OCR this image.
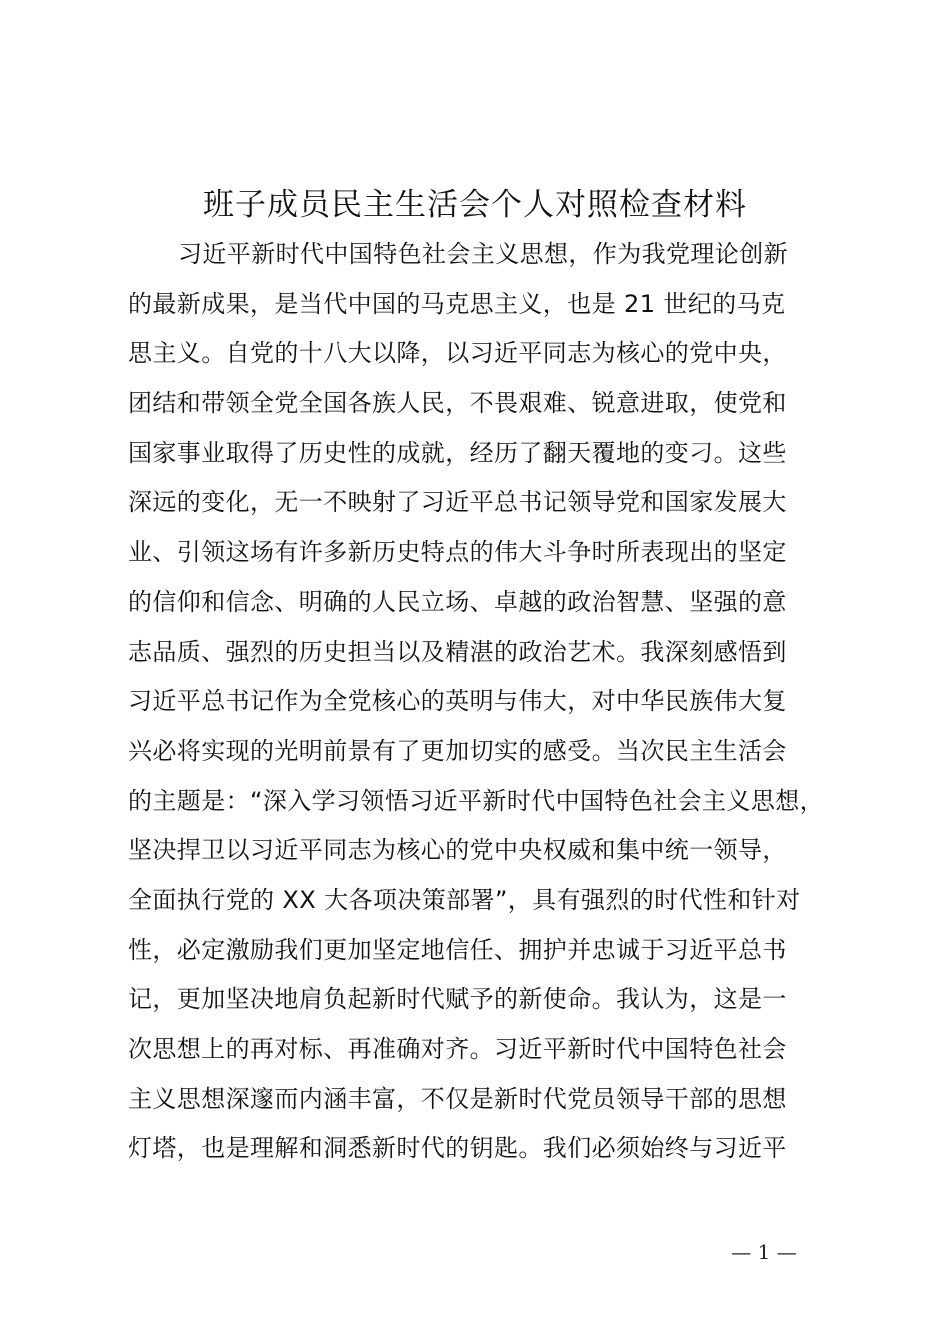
班子成员民主生活会个人对照检查材料
习近平新时代中国特色社会主义思想，作为我党理论创新
的最新成果，是当代中国的马克思主义，也是 21 世纪的马克
思主义。自党的十八大以降，以习近平同志为核心的党中央，
团结和带领全党全国各族人民，不畏艰难、锐意进取，使党和
国家事业取得了历史性的成就，经历了翻天覆地的变刁。这些
深远的变化，无一不映射了习近平总书记领导党和国家发展大
业、引领这场有许多新历史特点的伟大斗争时所表现出的坚定
的信仰和信念、明确的人民立场、卓越的政治智慧、坚强的意
志品质、强烈的历史担当以及精湛的政治艺术。我深刻感悟到
习近平总书记作为全党核心的英明与伟大，对中华民族伟大复
兴必将实现的光明前景有了更加切实的感受。当次民主生活会
的主题是：“深入学习领悟习近平新时代中国特色社会主义思想，
坚决捍卫以习近平同志为核心的党中央权威和集中统一领导，
全面执行党的 XX 大各项决策部署”，具有强烈的时代性和针对
性，必定激励我们更加坚定地信任、拥护并忠诚于习近平总书
记，更加坚决地肩负起新时代赋予的新使命。我认为，这是一
次思想上的再对标、再准确对齐。习近平新时代中国特色社会
主义思想深邃而内涵丰富，不仅是新时代党员领导干部的思想
灯塔，也是理解和洞悉新时代的钥匙。我们必须始终与习近平
— 1 —
